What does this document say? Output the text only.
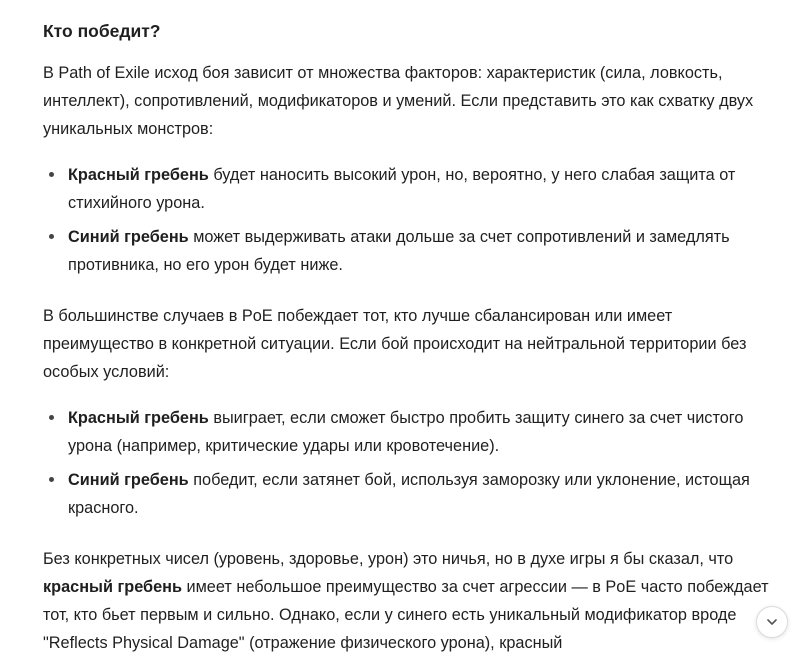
Кто победит?

В Path of Exile исход боя зависит от множества факторов: характеристик (сила, ловкость, интеллект), сопротивлений, модификаторов и умений. Если представить это как схватку двух уникальных монстров:

Красный гребень будет наносить высокий урон, но, вероятно, у него слабая защита от стихийного урона.
Синий гребень может выдерживать атаки дольше за счет сопротивлений и замедлять противника, но его урон будет ниже.

В большинстве случаев в PoE побеждает тот, кто лучше сбалансирован или имеет преимущество в конкретной ситуации. Если бой происходит на нейтральной территории без особых условий:

Красный гребень выиграет, если сможет быстро пробить защиту синего за счет чистого урона (например, критические удары или кровотечение).
Синий гребень победит, если затянет бой, используя заморозку или уклонение, истощая красного.

Без конкретных чисел (уровень, здоровье, урон) это ничья, но в духе игры я бы сказал, что красный гребень имеет небольшое преимущество за счет агрессии — в PoE часто побеждает тот, кто бьет первым и сильно. Однако, если у синего есть уникальный модификатор вроде "Reflects Physical Damage" (отражение физического урона), красный
